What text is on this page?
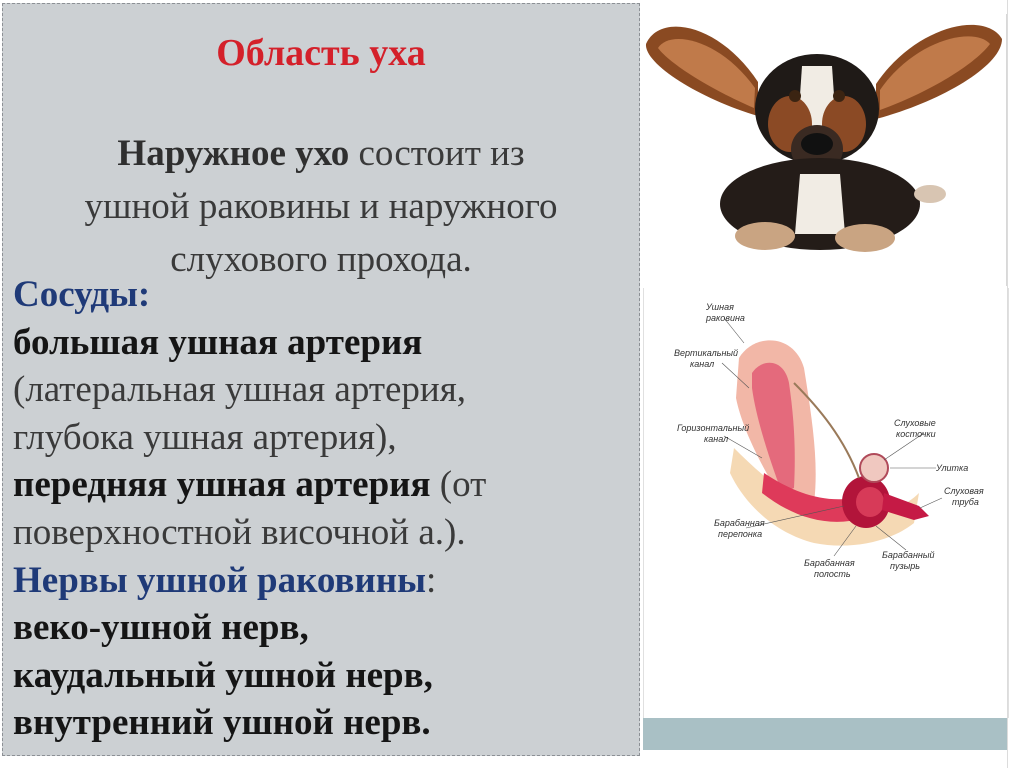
Область уха
Наружное ухо состоит из
ушной раковины и наружного
слухового прохода.
Сосуды:
большая ушная артерия
(латеральная ушная артерия,
глубока ушная артерия),
передняя ушная артерия (от
поверхностной височной а.).
Нервы ушной раковины:
веко-ушной нерв,
каудальный ушной нерв,
внутренний ушной нерв.
Ушная
раковина
Вертикальный
канал
Горизонтальный
канал
Слуховые
косточки
Улитка
Слуховая
труба
Барабанная
перепонка
Барабанная
полость
Барабанный
пузырь
